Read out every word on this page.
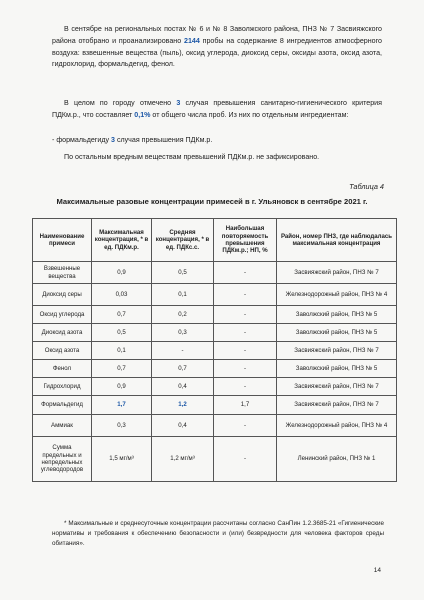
В сентябре на региональных постах № 6 и № 8 Заволжского района, ПНЗ № 7 Засвияжского района отобрано и проанализировано 2144 пробы на содержание 8 ингредиентов атмосферного воздуха: взвешенные вещества (пыль), оксид углерода, диоксид серы, оксиды азота, оксид азота, гидрохлорид, формальдегид, фенол.
В целом по городу отмечено 3 случая превышения санитарно-гигиенического критерия ПДКм.р., что составляет 0,1% от общего числа проб. Из них по отдельным ингредиентам:
- формальдегиду 3 случая превышения ПДКм.р.
По остальным вредным веществам превышений ПДКм.р. не зафиксировано.
Таблица 4
Максимальные разовые концентрации примесей в г. Ульяновск в сентябре 2021 г.
Наименование примеси	Максимальная концентрация, * в ед. ПДКм.р.	Средняя концентрация, * в ед. ПДКс.с.	Наибольшая повторяемость превышения ПДКм.р.; НП, %	Район, номер ПНЗ, где наблюдалась максимальная концентрация
Взвешенные вещества	0,9	0,5	-	Засвияжский район, ПНЗ № 7
Диоксид серы	0,03	0,1	-	Железнодорожный район, ПНЗ № 4
Оксид углерода	0,7	0,2	-	Заволжский район, ПНЗ № 5
Диоксид азота	0,5	0,3	-	Заволжский район, ПНЗ № 5
Оксид азота	0,1	-	-	Засвияжский район, ПНЗ № 7
Фенол	0,7	0,7	-	Заволжский район, ПНЗ № 5
Гидрохлорид	0,9	0,4	-	Засвияжский район, ПНЗ № 7
Формальдегид	1,7	1,2	1,7	Засвияжский район, ПНЗ № 7
Аммиак	0,3	0,4	-	Железнодорожный район, ПНЗ № 4
Сумма предельных и непредельных углеводородов	1,5 мг/м³	1,2 мг/м³	-	Ленинский район, ПНЗ № 1
* Максимальные и среднесуточные концентрации рассчитаны согласно СанПин 1.2.3685-21 «Гигиенические нормативы и требования к обеспечению безопасности и (или) безвредности для человека факторов среды обитания».
14
